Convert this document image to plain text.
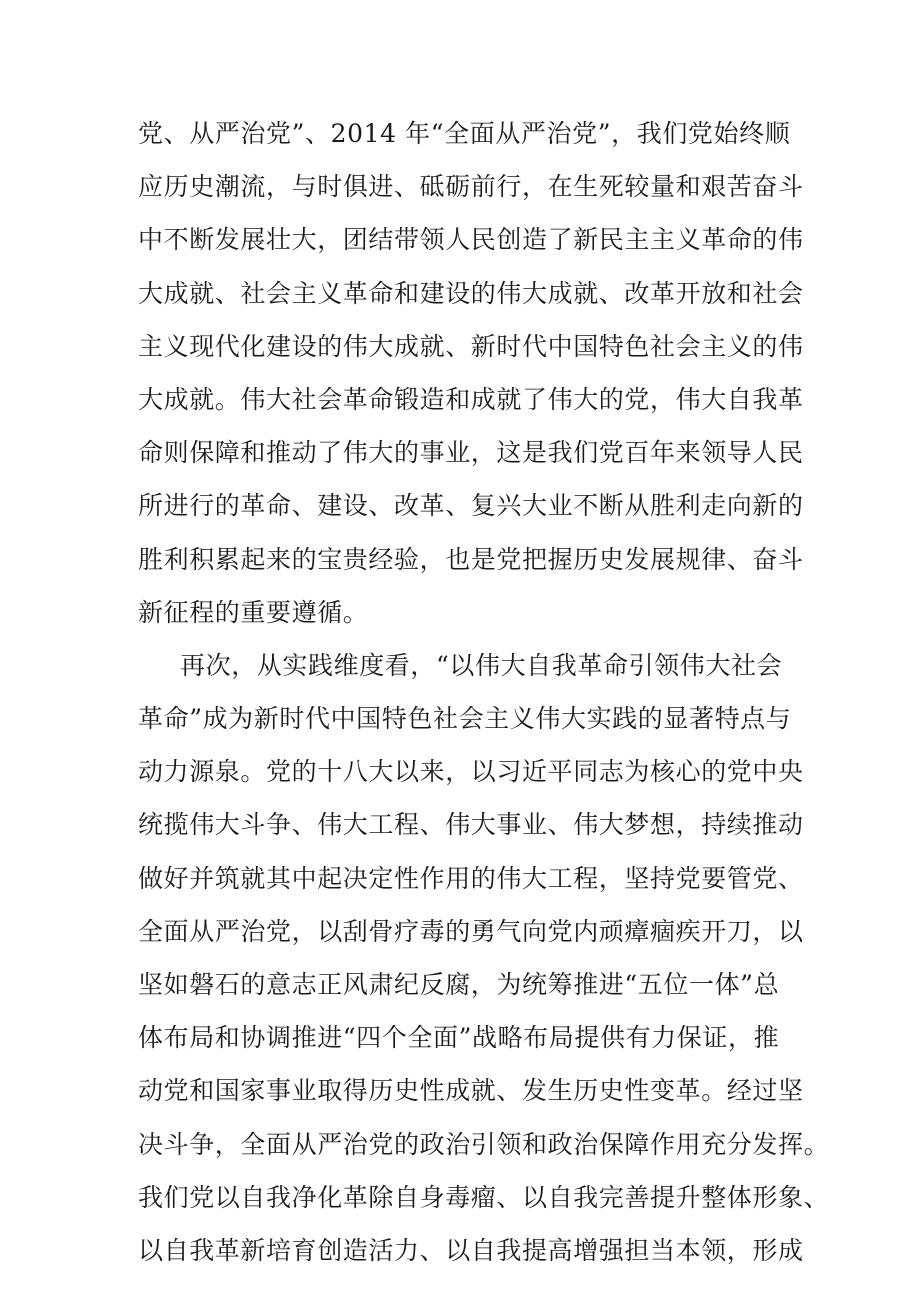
党、从严治党”、2014 年“全面从严治党”，我们党始终顺
应历史潮流，与时俱进、砥砺前行，在生死较量和艰苦奋斗
中不断发展壮大，团结带领人民创造了新民主主义革命的伟
大成就、社会主义革命和建设的伟大成就、改革开放和社会
主义现代化建设的伟大成就、新时代中国特色社会主义的伟
大成就。伟大社会革命锻造和成就了伟大的党，伟大自我革
命则保障和推动了伟大的事业，这是我们党百年来领导人民
所进行的革命、建设、改革、复兴大业不断从胜利走向新的
胜利积累起来的宝贵经验，也是党把握历史发展规律、奋斗
新征程的重要遵循。
再次，从实践维度看，“以伟大自我革命引领伟大社会
革命”成为新时代中国特色社会主义伟大实践的显著特点与
动力源泉。党的十八大以来，以习近平同志为核心的党中央
统揽伟大斗争、伟大工程、伟大事业、伟大梦想，持续推动
做好并筑就其中起决定性作用的伟大工程，坚持党要管党、
全面从严治党，以刮骨疗毒的勇气向党内顽瘴痼疾开刀，以
坚如磐石的意志正风肃纪反腐，为统筹推进“五位一体”总
体布局和协调推进“四个全面”战略布局提供有力保证，推
动党和国家事业取得历史性成就、发生历史性变革。经过坚
决斗争，全面从严治党的政治引领和政治保障作用充分发挥。
我们党以自我净化革除自身毒瘤、以自我完善提升整体形象、
以自我革新培育创造活力、以自我提高增强担当本领，形成
